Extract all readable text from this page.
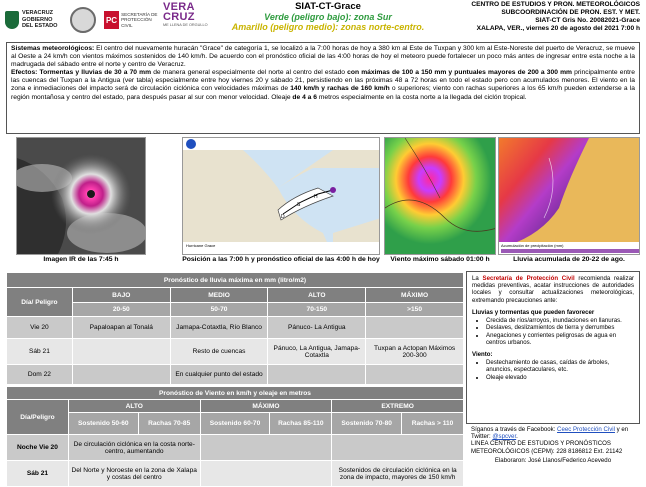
VERACRUZ
GOBIERNO
DEL ESTADO
PC
SECRETARÍA DE
PROTECCIÓN CIVIL
VERA
CRUZ
ME LLENA DE ORGULLO
SIAT-CT-Grace
Verde (peligro bajo): zona Sur
Amarillo (peligro medio): zonas norte-centro.
CENTRO DE ESTUDIOS Y PRON. METEOROLÓGICOS
SUBCOORDINACIÓN DE PRON. EST. Y MET.
SIAT-CT Gris No. 20082021-Grace
XALAPA, VER., viernes 20 de agosto del 2021 7:00 h

Sistemas meteorológicos: El centro del nuevamente huracán "Grace" de categoría 1, se localizó a la 7:00 horas de hoy a 380 km al Este de Tuxpan y 300 km al Este-Noreste del puerto de Veracruz, se mueve al Oeste a 24 km/h con vientos máximos sostenidos de 140 km/h. De acuerdo con el pronóstico oficial de las 4:00 horas de hoy el meteoro puede fortalecer un poco más antes de ingresar entre esta noche a la madrugada del sábado entre el norte y centro de Veracruz.

Efectos: Tormentas y lluvias de 30 a 70 mm de manera general especialmente del norte al centro del estado con máximas de 100 a 150 mm y puntuales mayores de 200 a 300 mm principalmente entre las cuencas del Tuxpan a la Antigua (ver tabla) especialmente entre hoy viernes 20 y sábado 21, persistiendo en las próximas 48 a 72 horas en todo el estado pero con acumulados menores. El viento en la zona e inmediaciones del impacto será de circulación ciclónica con velocidades máximas de 140 km/h y rachas de 160 km/h o superiores; viento con rachas superiores a los 65 km/h pueden extenderse a la región montañosa y centro del estado, para después pasar al sur con menor velocidad. Oleaje de 4 a 6 metros especialmente en la costa norte a la llegada del ciclón tropical.

Imagen IR de las 7:45 h
H
S
D
Hurricane Grace
Posición a las 7:00 h y pronóstico oficial de las 4:00 h de hoy	Viento máximo sábado 01:00 h
Acumulación de precipitación (mm)
Lluvia acumulada de 20-22 de ago.
Pronóstico de lluvia máxima en mm (litro/m2)				
Día/ Peligro	BAJO	MEDIO	ALTO	MÁXIMO
	20-50	50-70	70-150	>150
Vie 20	Papaloapan al Tonalá	Jamapa-Cotaxtla, Río Blanco	Pánuco- La Antigua	
Sáb 21		Resto de cuencas	Pánuco, La Antigua, Jamapa-Cotaxtla	Tuxpan a Actopan Máximos 200-300
Dom 22		En cualquier punto del estado		
Pronóstico de Viento en km/h y oleaje en metros						
Día/Peligro	ALTO		MÁXIMO		EXTREMO	
	Sostenido 50-60	Rachas 70-85	Sostenido 60-70	Rachas 85-110	Sostenido 70-80	Rachas > 110
Noche Vie 20	De circulación ciclónica en la costa norte-centro, aumentando					
Sáb 21	Del Norte y Noroeste en la zona de Xalapa y costas del centro				Sostenidos de circulación ciclónica en la zona de impacto, mayores de 150 km/h	

La Secretaría de Protección Civil recomienda realizar medidas preventivas, acatar instrucciones de autoridades locales y consultar actualizaciones meteorológicas, extremando precauciones ante:

Lluvias y tormentas que pueden favorecer
• Crecida de ríos/arroyos, inundaciones en llanuras.
• Deslaves, deslizamientos de tierra y derrumbes
• Anegaciones y corrientes peligrosas de agua en centros urbanos.
Viento:
• Destechamiento de casas, caídas de árboles, anuncios, espectaculares, etc.
• Oleaje elevado

Síganos a través de Facebook: Ceec Protección Civil y en Twitter: @spcver.

LINEA CENTRO DE ESTUDIOS Y PRONÓSTICOS METEOROLÓGICOS (CEPM): 228 8186812 Ext. 21142

Elaboraron: José Llanos/Federico Acevedo
